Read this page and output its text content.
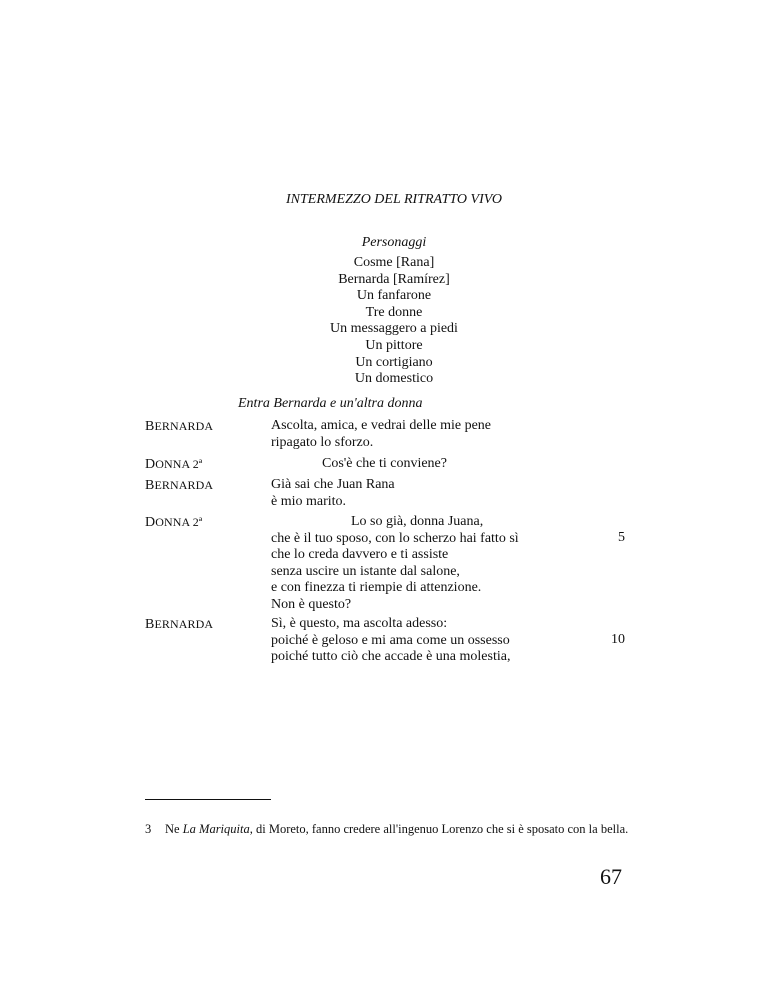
INTERMEZZO DEL RITRATTO VIVO
Personaggi
Cosme [Rana]
Bernarda [Ramírez]
Un fanfarone
Tre donne
Un messaggero a piedi
Un pittore
Un cortigiano
Un domestico
Entra Bernarda e un'altra donna
BERNARDA	Ascolta, amica, e vedrai delle mie pene
ripagato lo sforzo.
DONNA 2ª	Cos'è che ti conviene?
BERNARDA	Già sai che Juan Rana
è mio marito.
DONNA 2ª	Lo so già, donna Juana,
che è il tuo sposo, con lo scherzo hai fatto sì
che lo creda davvero e ti assiste
senza uscire un istante dal salone,
e con finezza ti riempie di attenzione.
Non è questo?
5
BERNARDA	Sì, è questo, ma ascolta adesso:
poiché è geloso e mi ama come un ossesso
poiché tutto ciò che accade è una molestia,
10
3 Ne La Mariquita, di Moreto, fanno credere all'ingenuo Lorenzo che si è sposato con la bella.
67
